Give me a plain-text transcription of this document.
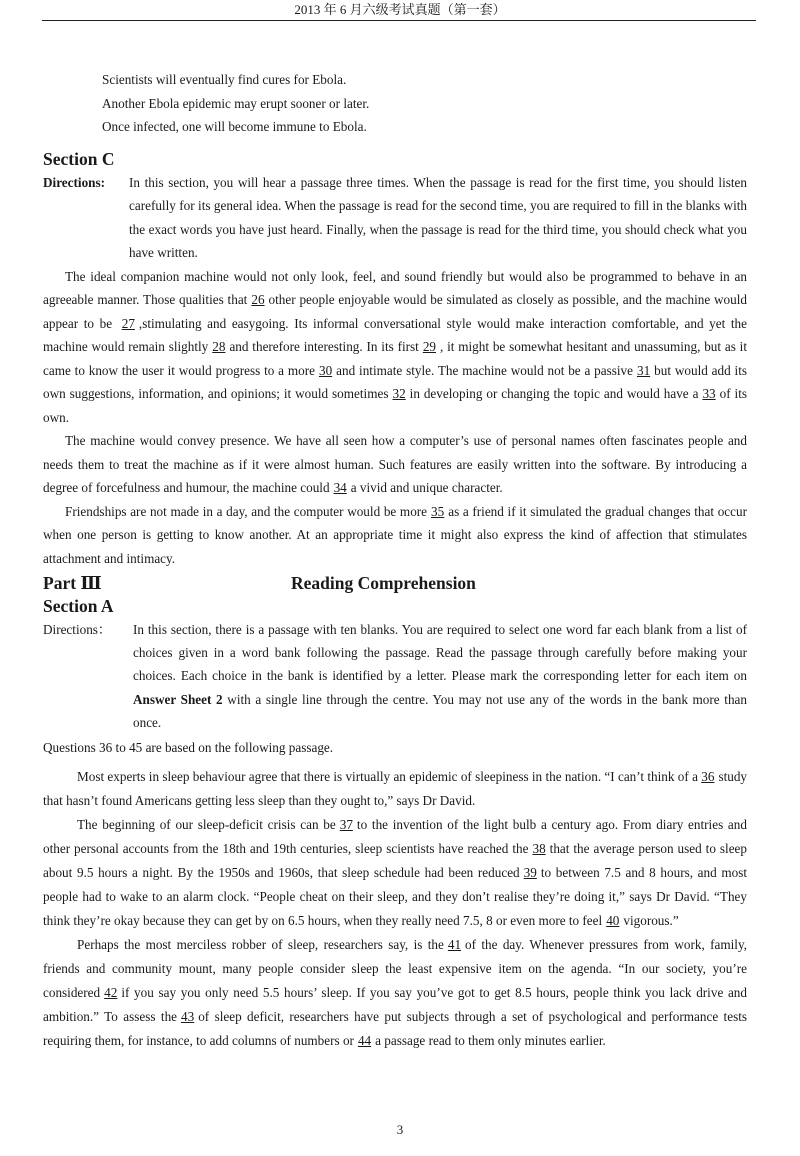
2013 年 6 月六级考试真题（第一套）

Scientists will eventually find cures for Ebola.

Another Ebola epidemic may erupt sooner or later.

Once infected, one will become immune to Ebola.

Section C

Directions: In this section, you will hear a passage three times. When the passage is read for the first time, you should listen carefully for its general idea. When the passage is read for the second time, you are required to fill in the blanks with the exact words you have just heard. Finally, when the passage is read for the third time, you should check what you have written.

The ideal companion machine would not only look, feel, and sound friendly but would also be programmed to behave in an agreeable manner. Those qualities that 26 other people enjoyable would be simulated as closely as possible, and the machine would appear to be 27 ,stimulating and easygoing. Its informal conversational style would make interaction comfortable, and yet the machine would remain slightly 28 and therefore interesting. In its first 29 , it might be somewhat hesitant and unassuming, but as it came to know the user it would progress to a more 30 and intimate style. The machine would not be a passive 31 but would add its own suggestions, information, and opinions; it would sometimes 32 in developing or changing the topic and would have a 33 of its own.

The machine would convey presence. We have all seen how a computer’s use of personal names often fascinates people and needs them to treat the machine as if it were almost human. Such features are easily written into the software. By introducing a degree of forcefulness and humour, the machine could 34 a vivid and unique character.

Friendships are not made in a day, and the computer would be more 35 as a friend if it simulated the gradual changes that occur when one person is getting to know another. At an appropriate time it might also express the kind of affection that stimulates attachment and intimacy.

Part Ⅲ	Reading Comprehension
Section A

Directions： In this section, there is a passage with ten blanks. You are required to select one word far each blank from a list of choices given in a word bank following the passage. Read the passage through carefully before making your choices. Each choice in the bank is identified by a letter. Please mark the corresponding letter for each item on Answer Sheet 2 with a single line through the centre. You may not use any of the words in the bank more than once.

Questions 36 to 45 are based on the following passage.

Most experts in sleep behaviour agree that there is virtually an epidemic of sleepiness in the nation. “I can’t think of a 36 study that hasn’t found Americans getting less sleep than they ought to,” says Dr David.

The beginning of our sleep-deficit crisis can be 37 to the invention of the light bulb a century ago. From diary entries and other personal accounts from the 18th and 19th centuries, sleep scientists have reached the 38 that the average person used to sleep about 9.5 hours a night. By the 1950s and 1960s, that sleep schedule had been reduced 39 to between 7.5 and 8 hours, and most people had to wake to an alarm clock. “People cheat on their sleep, and they don’t realise they’re doing it,” says Dr David. “They think they’re okay because they can get by on 6.5 hours, when they really need 7.5, 8 or even more to feel 40 vigorous.”

Perhaps the most merciless robber of sleep, researchers say, is the 41 of the day. Whenever pressures from work, family, friends and community mount, many people consider sleep the least expensive item on the agenda. “In our society, you’re considered 42 if you say you only need 5.5 hours’ sleep. If you say you’ve got to get 8.5 hours, people think you lack drive and ambition.” To assess the 43 of sleep deficit, researchers have put subjects through a set of psychological and performance tests requiring them, for instance, to add columns of numbers or 44 a passage read to them only minutes earlier.

3
